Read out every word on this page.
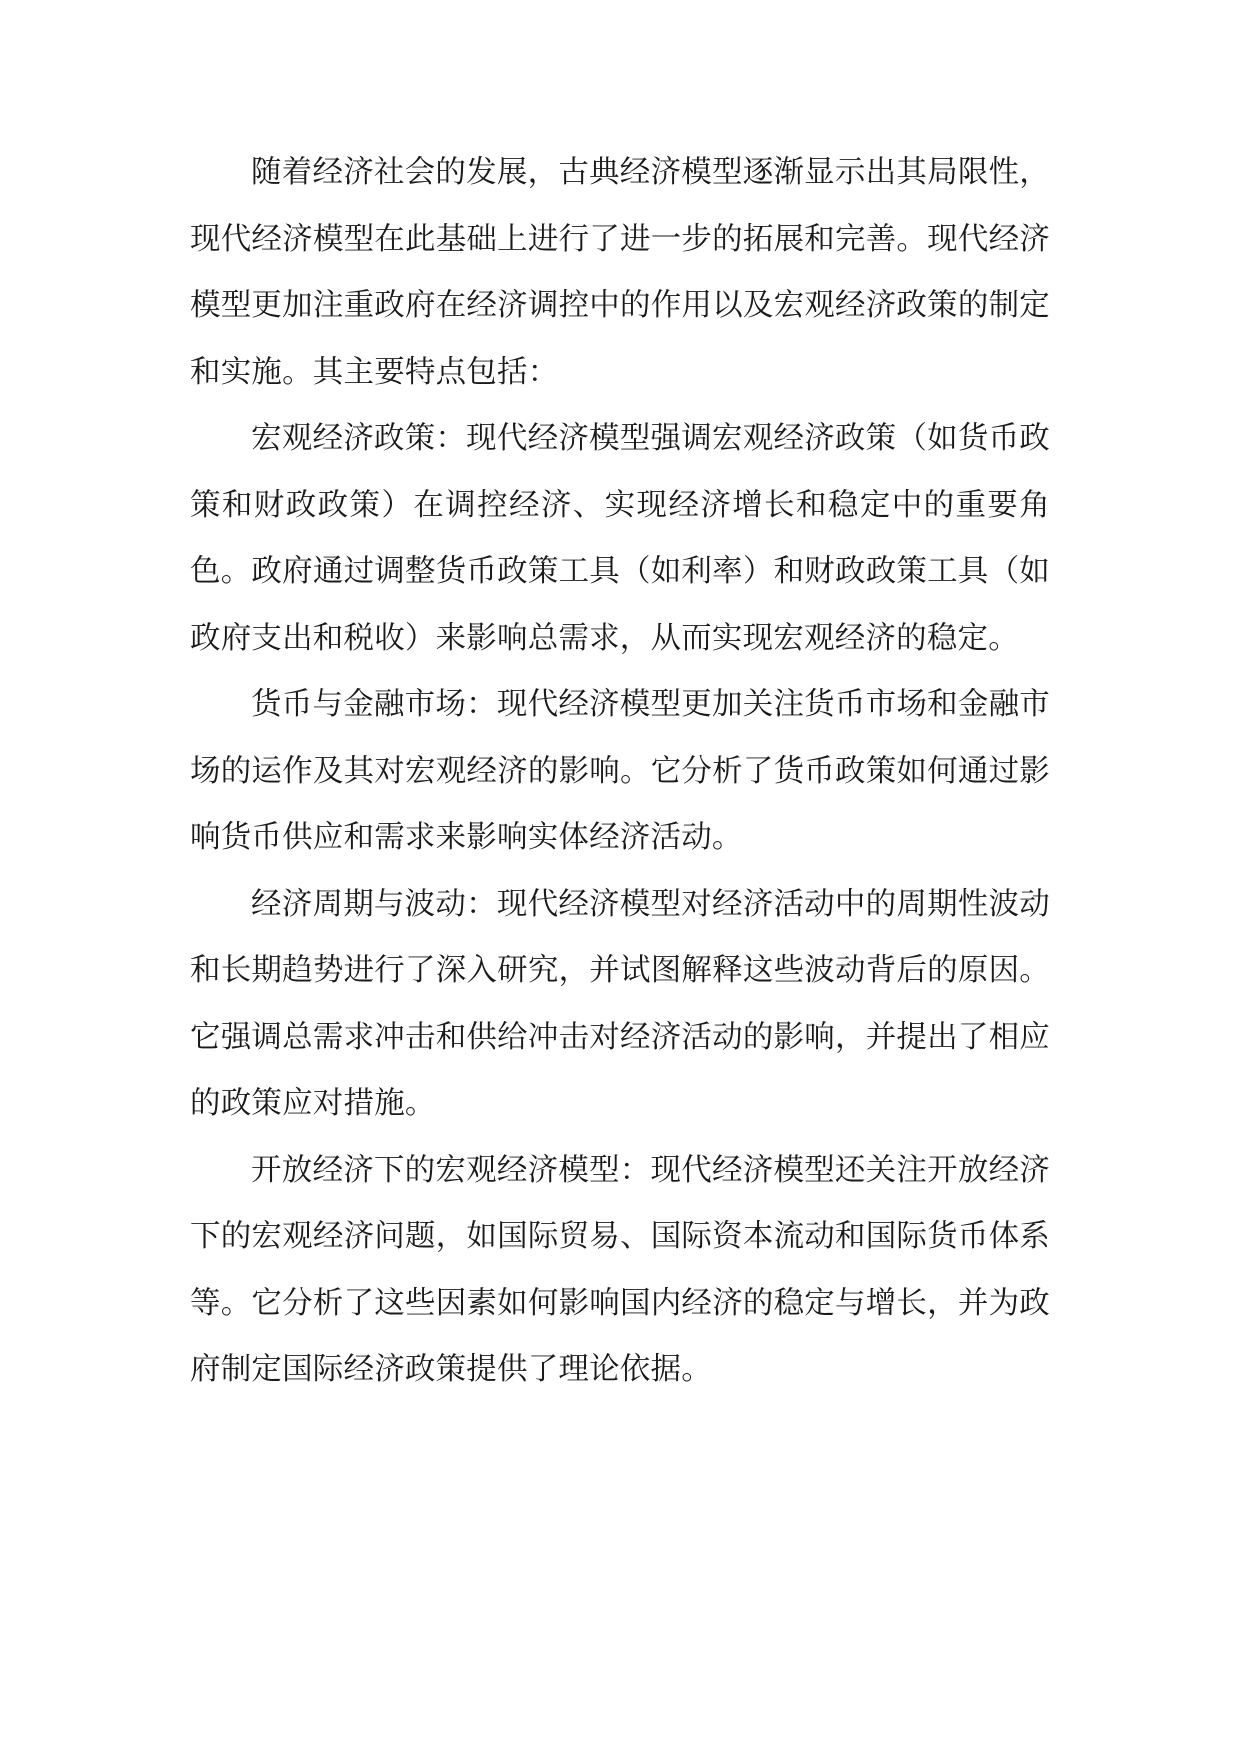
随着经济社会的发展，古典经济模型逐渐显示出其局限性，现代经济模型在此基础上进行了进一步的拓展和完善。现代经济模型更加注重政府在经济调控中的作用以及宏观经济政策的制定和实施。其主要特点包括：

宏观经济政策：现代经济模型强调宏观经济政策（如货币政策和财政政策）在调控经济、实现经济增长和稳定中的重要角色。政府通过调整货币政策工具（如利率）和财政政策工具（如政府支出和税收）来影响总需求，从而实现宏观经济的稳定。

货币与金融市场：现代经济模型更加关注货币市场和金融市场的运作及其对宏观经济的影响。它分析了货币政策如何通过影响货币供应和需求来影响实体经济活动。

经济周期与波动：现代经济模型对经济活动中的周期性波动和长期趋势进行了深入研究，并试图解释这些波动背后的原因。它强调总需求冲击和供给冲击对经济活动的影响，并提出了相应的政策应对措施。

开放经济下的宏观经济模型：现代经济模型还关注开放经济下的宏观经济问题，如国际贸易、国际资本流动和国际货币体系等。它分析了这些因素如何影响国内经济的稳定与增长，并为政府制定国际经济政策提供了理论依据。
